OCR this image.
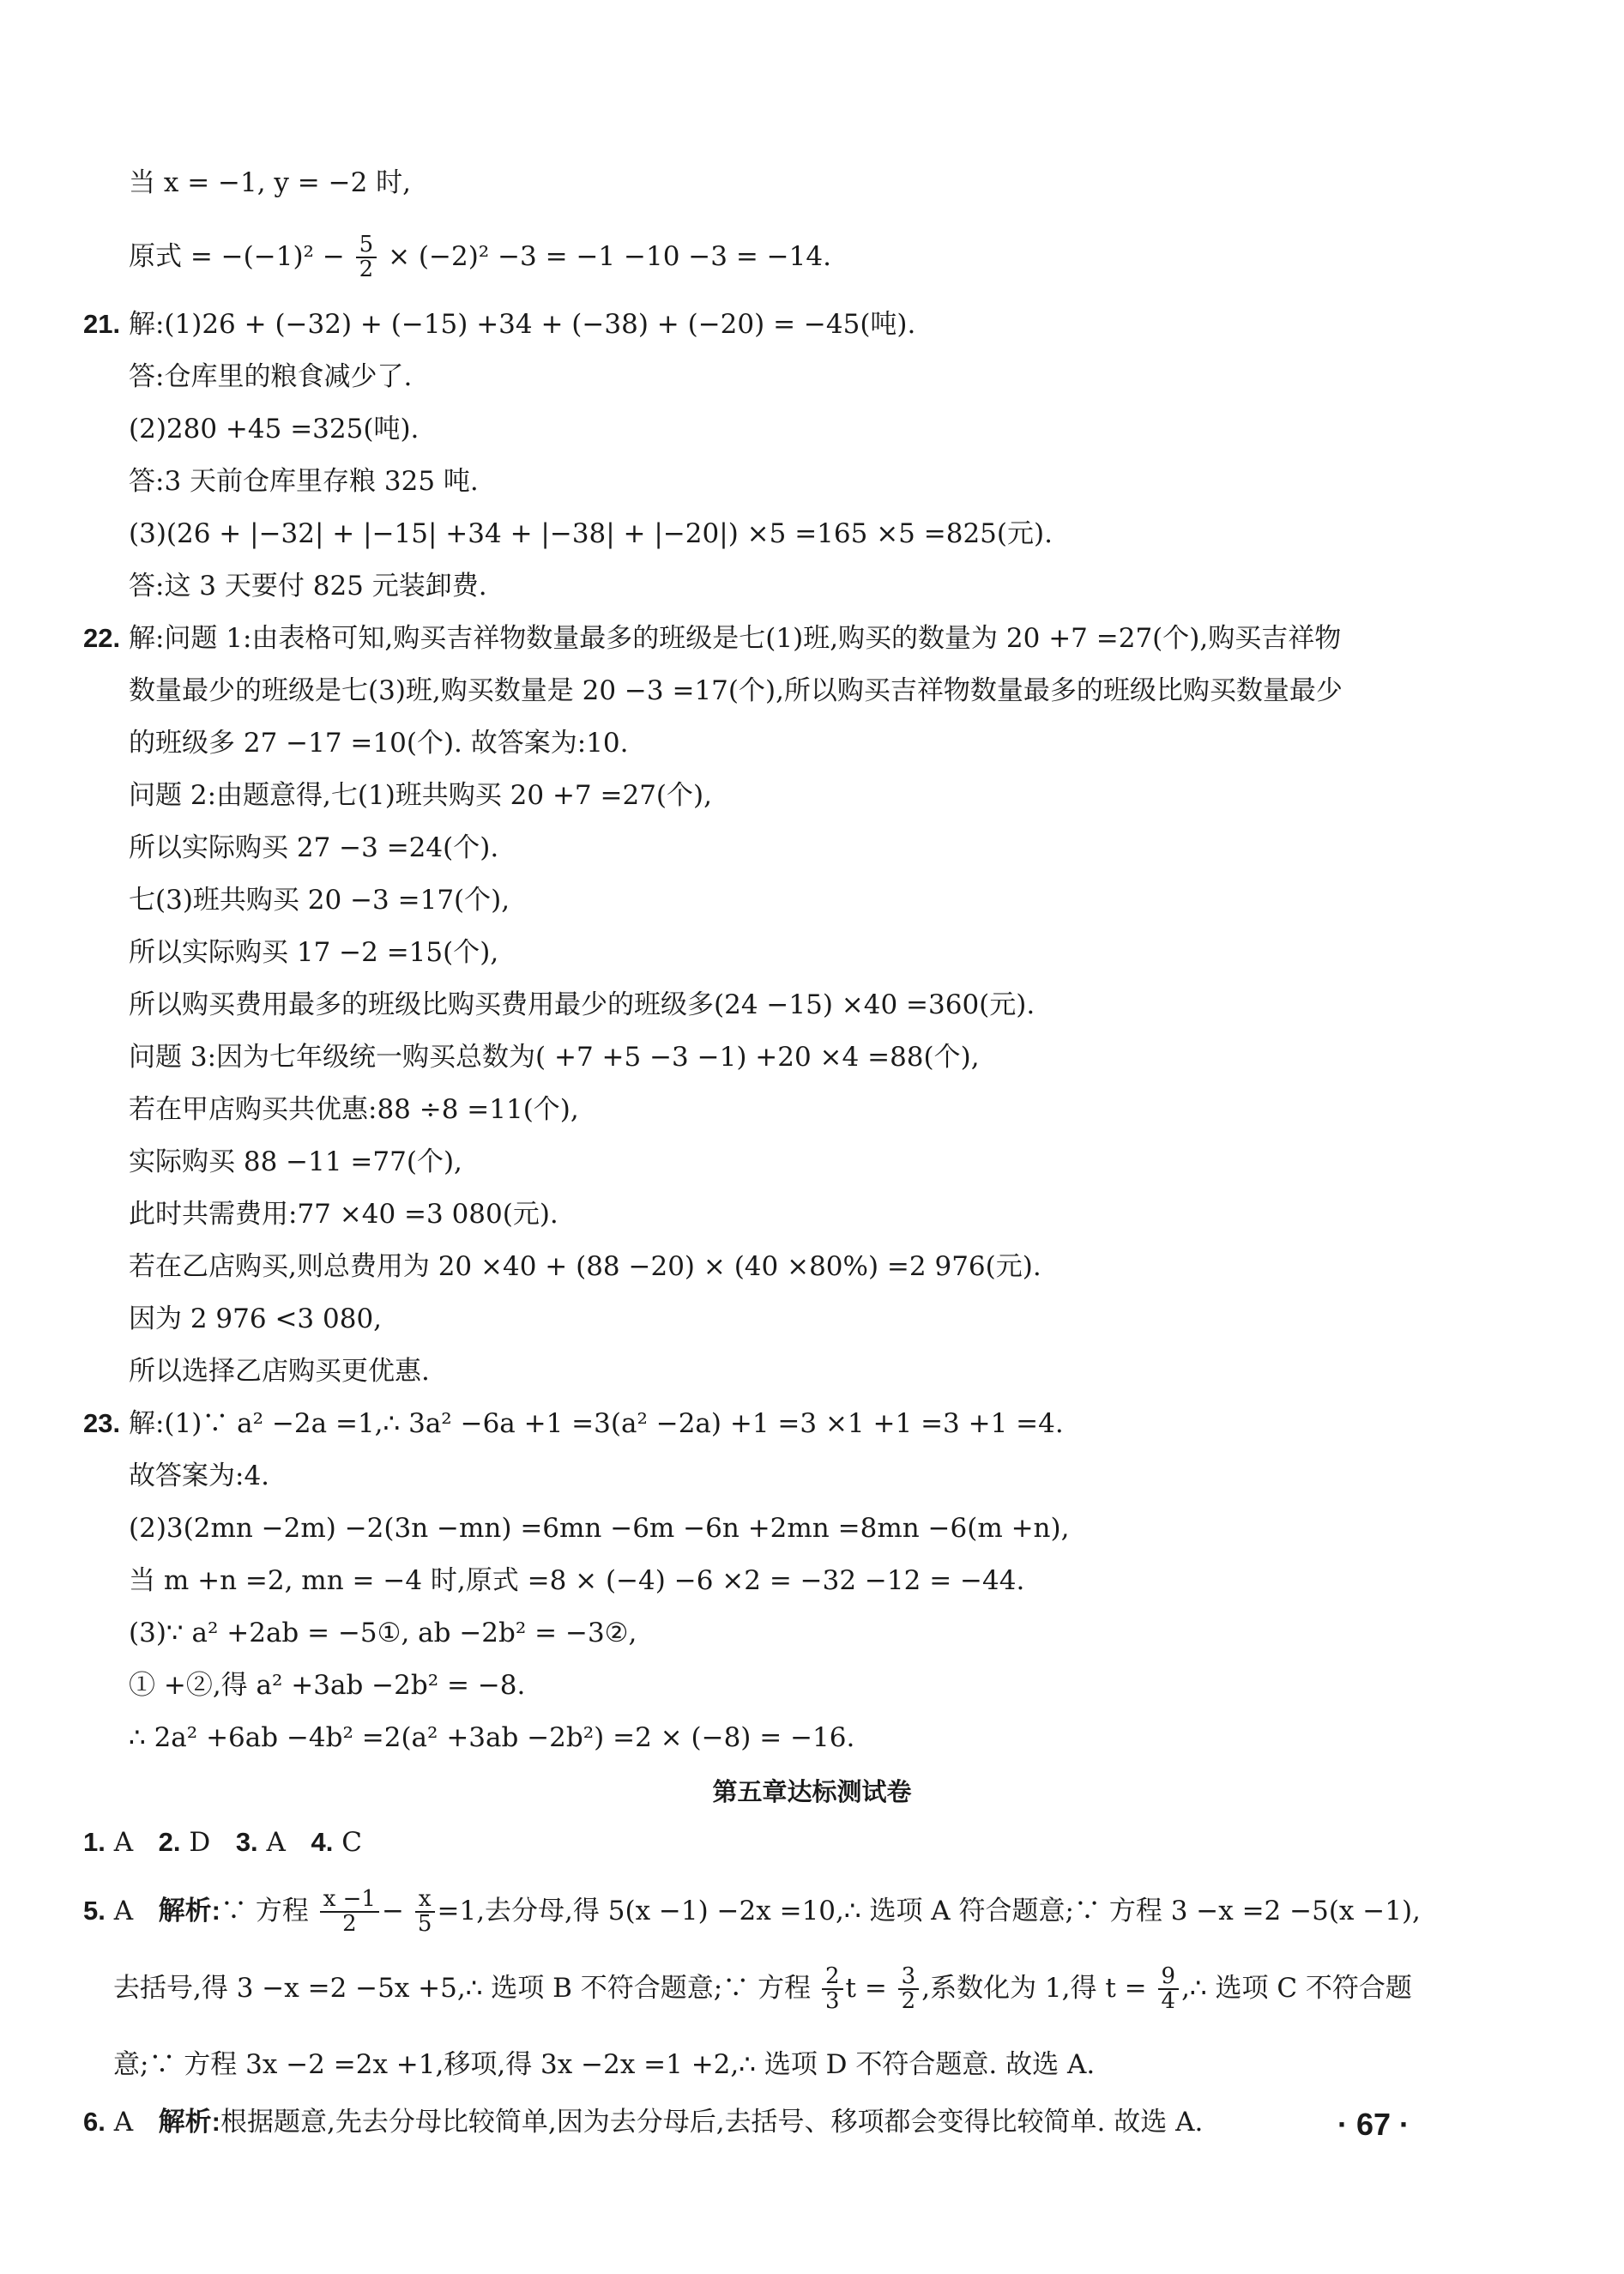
当 x = −1, y = −2 时,
原式 = $-(-1)^2 - \frac{5}{2} \times (-2)^2 -3 = -1 -10 -3 = -14$.
21. 解:(1)26 + (−32) + (−15) +34 + (−38) + (−20) = −45(吨).
答:仓库里的粮食减少了.
(2)280 +45 =325(吨).
答:3 天前仓库里存粮 325 吨.
(3)(26 + |−32| + |−15| +34 + |−38| + |−20|) ×5 =165 ×5 =825(元).
答:这 3 天要付 825 元装卸费.
22. 解:问题 1:由表格可知,购买吉祥物数量最多的班级是七(1)班,购买的数量为 20 +7 =27(个),购买吉祥物
数量最少的班级是七(3)班,购买数量是 20 −3 =17(个),所以购买吉祥物数量最多的班级比购买数量最少
的班级多 27 −17 =10(个). 故答案为:10.
问题 2:由题意得,七(1)班共购买 20 +7 =27(个),
所以实际购买 27 −3 =24(个).
七(3)班共购买 20 −3 =17(个),
所以实际购买 17 −2 =15(个),
所以购买费用最多的班级比购买费用最少的班级多(24 −15) ×40 =360(元).
问题 3:因为七年级统一购买总数为( +7 +5 −3 −1) +20 ×4 =88(个),
若在甲店购买共优惠:88 ÷8 =11(个),
实际购买 88 −11 =77(个),
此时共需费用:77 ×40 =3 080(元).
若在乙店购买,则总费用为 20 ×40 + (88 −20) × (40 ×80%) =2 976(元).
因为 2 976 <3 080,
所以选择乙店购买更优惠.
23. 解:(1)∵ a² −2a =1,∴ 3a² −6a +1 =3(a² −2a) +1 =3 ×1 +1 =3 +1 =4.
故答案为:4.
(2)3(2mn −2m) −2(3n −mn) =6mn −6m −6n +2mn =8mn −6(m +n),
当 m +n =2, mn = −4 时,原式 =8 × (−4) −6 ×2 = −32 −12 = −44.
(3)∵ a² +2ab = −5①, ab −2b² = −3②,
① +②,得 a² +3ab −2b² = −8.
∴ 2a² +6ab −4b² =2(a² +3ab −2b²) =2 × (−8) = −16.
第五章达标测试卷
1. A 2. D 3. A 4. C
5. A 解析:∵ 方程 $\frac{x -1}{2} - \frac{x}{5} =1$,去分母,得 5(x −1) −2x =10,∴ 选项 A 符合题意;∵ 方程 3 −x =2 −5(x −1),
去括号,得 3 −x =2 −5x +5,∴ 选项 B 不符合题意;∵ 方程 $\frac{2}{3}$ $t = \frac{3}{2}$ ,系数化为 1,得 $t = \frac{9}{4}$ ,∴ 选项 C 不符合题
意;∵ 方程 3x −2 =2x +1,移项,得 3x −2x =1 +2,∴ 选项 D 不符合题意. 故选 A.
6. A 解析:根据题意,先去分母比较简单,因为去分母后,去括号、移项都会变得比较简单. 故选 A.	· 67 ·
